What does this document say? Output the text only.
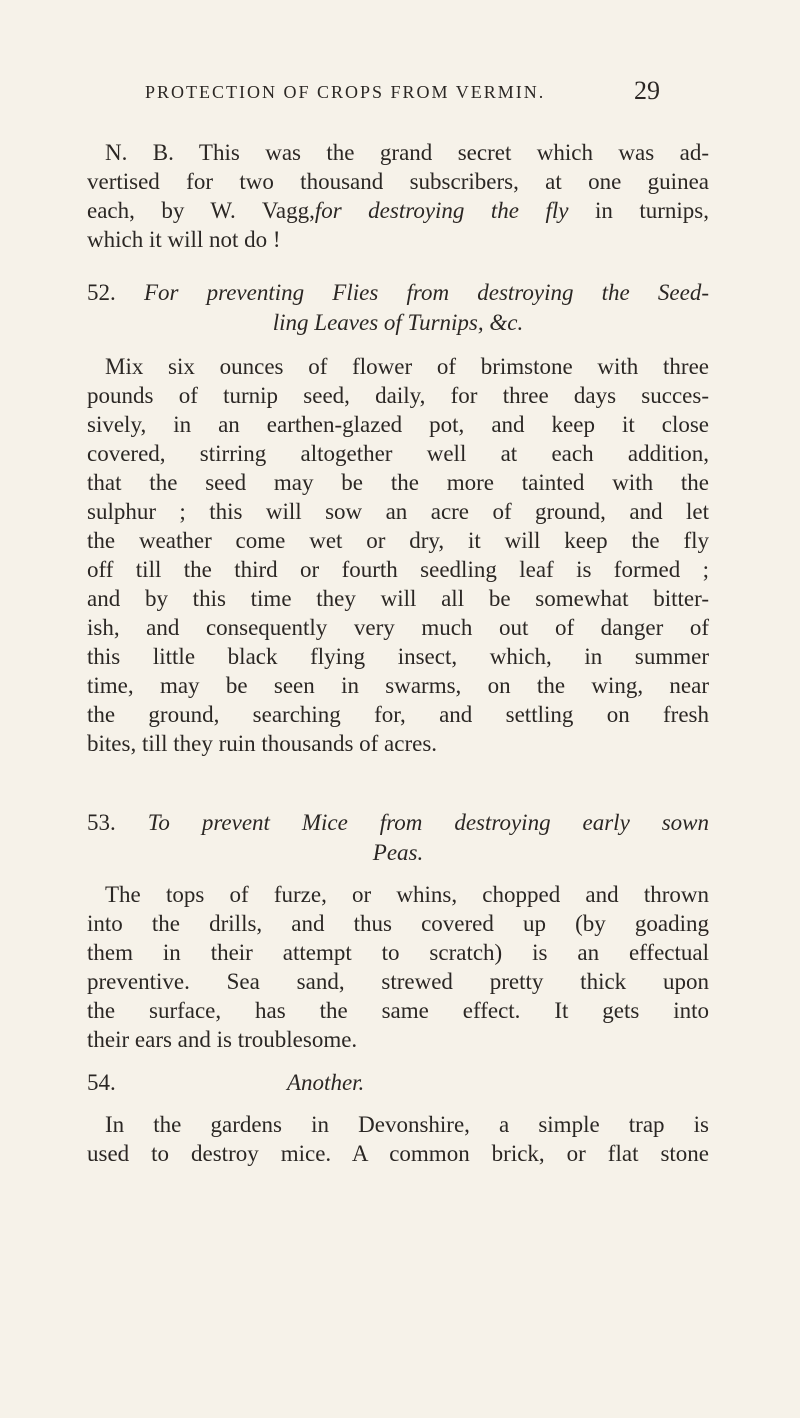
PROTECTION OF CROPS FROM VERMIN.	29
N. B. This was the grand secret which was ad-
vertised for two thousand subscribers, at one guinea
each, by W. Vagg,for destroying the fly in turnips,
which it will not do !
52. For preventing Flies from destroying the Seed-
ling Leaves of Turnips, &c.
Mix six ounces of flower of brimstone with three
pounds of turnip seed, daily, for three days succes-
sively, in an earthen-glazed pot, and keep it close
covered, stirring altogether well at each addition,
that the seed may be the more tainted with the
sulphur ; this will sow an acre of ground, and let
the weather come wet or dry, it will keep the fly
off till the third or fourth seedling leaf is formed ;
and by this time they will all be somewhat bitter-
ish, and consequently very much out of danger of
this little black flying insect, which, in summer
time, may be seen in swarms, on the wing, near
the ground, searching for, and settling on fresh
bites, till they ruin thousands of acres.
53. To prevent Mice from destroying early sown
Peas.
The tops of furze, or whins, chopped and thrown
into the drills, and thus covered up (by goading
them in their attempt to scratch) is an effectual
preventive. Sea sand, strewed pretty thick upon
the surface, has the same effect. It gets into
their ears and is troublesome.
54.	Another.
In the gardens in Devonshire, a simple trap is
used to destroy mice. A common brick, or flat stone
